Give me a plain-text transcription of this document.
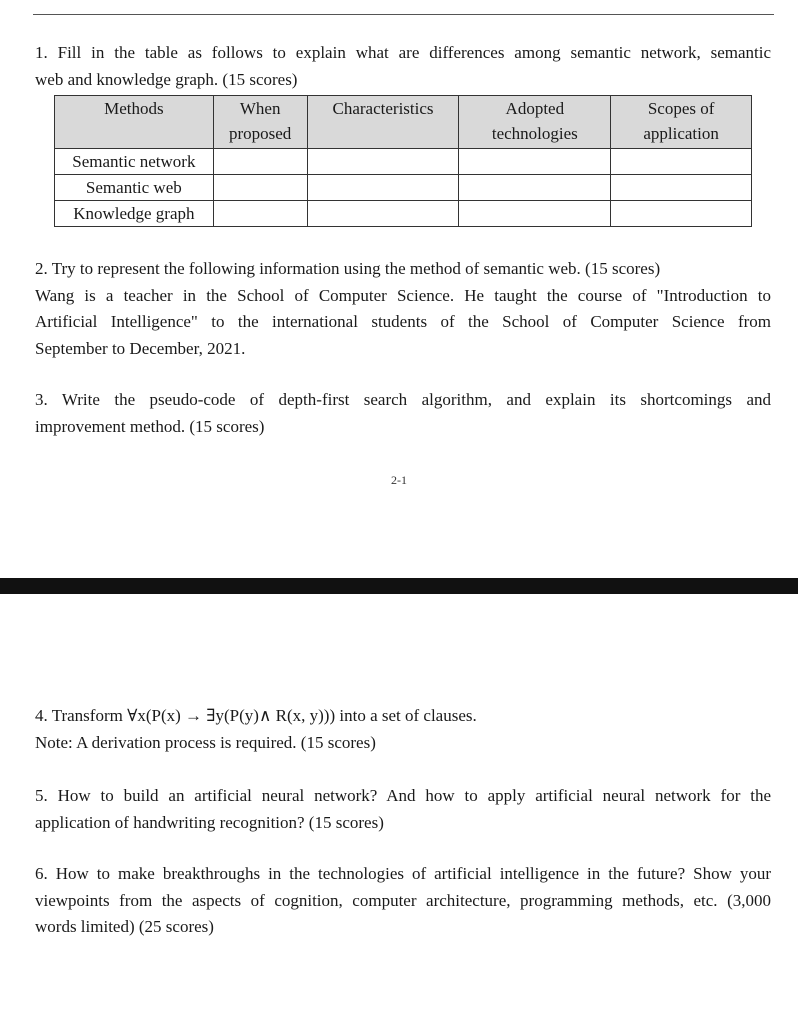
1. Fill in the table as follows to explain what are differences among semantic network, semantic
web and knowledge graph. (15 scores)
Methods	When proposed	Characteristics	Adopted technologies	Scopes of application
Semantic network				
Semantic web				
Knowledge graph				
2. Try to represent the following information using the method of semantic web. (15 scores)
Wang is a teacher in the School of Computer Science. He taught the course of "Introduction to
Artificial Intelligence" to the international students of the School of Computer Science from
September to December, 2021.
3. Write the pseudo-code of depth-first search algorithm, and explain its shortcomings and
improvement method. (15 scores)
2-1
4. Transform ∀x(P(x) → ∃y(P(y)∧ R(x, y))) into a set of clauses.
Note: A derivation process is required. (15 scores)
5. How to build an artificial neural network? And how to apply artificial neural network for the
application of handwriting recognition? (15 scores)
6. How to make breakthroughs in the technologies of artificial intelligence in the future? Show your
viewpoints from the aspects of cognition, computer architecture, programming methods, etc. (3,000
words limited) (25 scores)
